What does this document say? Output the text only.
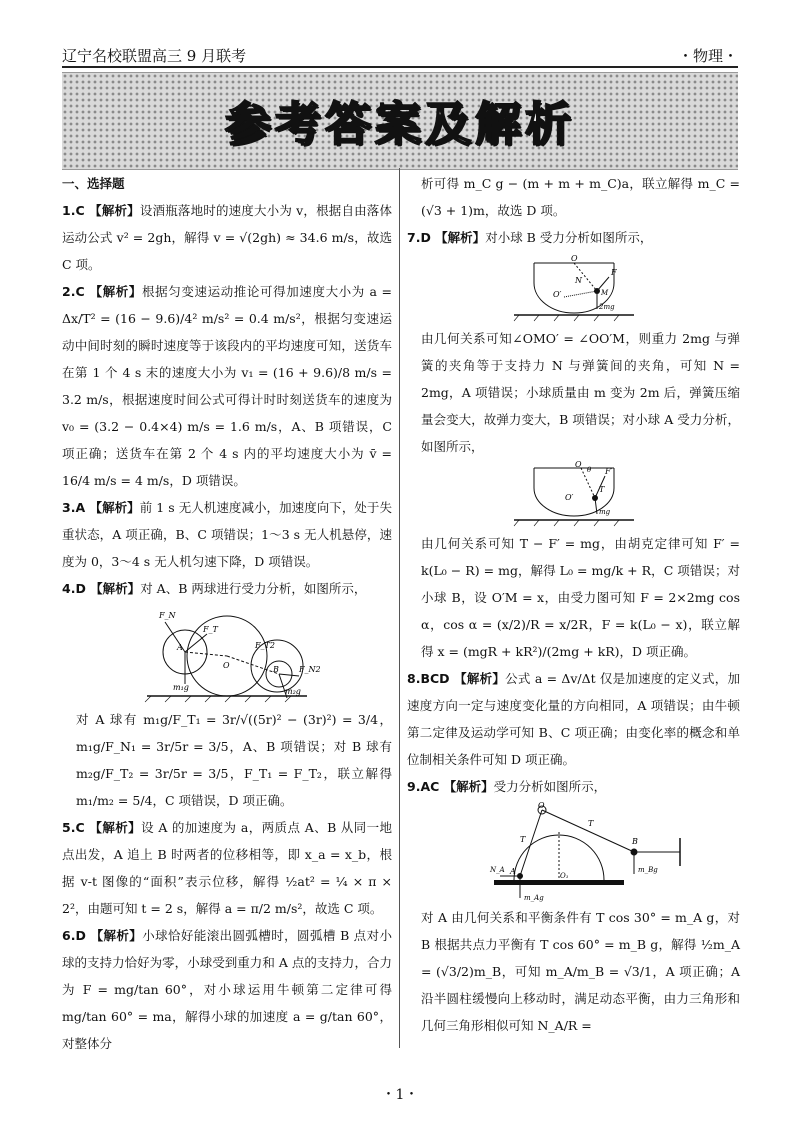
辽宁名校联盟高三 9 月联考	・物理・
参考答案及解析

一、选择题

1.C 【解析】设酒瓶落地时的速度大小为 v，根据自由落体运动公式 v² = 2gh，解得 v = √(2gh) ≈ 34.6 m/s，故选 C 项。

2.C 【解析】根据匀变速运动推论可得加速度大小为 a = Δx/T² = (16 − 9.6)/4² m/s² = 0.4 m/s²，根据匀变速运动中间时刻的瞬时速度等于该段内的平均速度可知，送货车在第 1 个 4 s 末的速度大小为 v₁ = (16 + 9.6)/8 m/s = 3.2 m/s，根据速度时间公式可得计时时刻送货车的速度为 v₀ = (3.2 − 0.4×4) m/s = 1.6 m/s，A、B 项错误，C 项正确；送货车在第 2 个 4 s 内的平均速度大小为 v̄ = 16/4 m/s = 4 m/s，D 项错误。

3.A 【解析】前 1 s 无人机速度减小，加速度向下，处于失重状态，A 项正确，B、C 项错误；1～3 s 无人机悬停，速度为 0，3～4 s 无人机匀速下降，D 项错误。

4.D 【解析】对 A、B 两球进行受力分析，如图所示，

F_N
F_T
A	F_T2
B
O
m₁g	m₂g
F_N2

对 A 球有 m₁g/F_T₁ = 3r/√((5r)² − (3r)²) = 3/4，m₁g/F_N₁ = 3r/5r = 3/5，A、B 项错误；对 B 球有 m₂g/F_T₂ = 3r/5r = 3/5，F_T₁ = F_T₂，联立解得 m₁/m₂ = 5/4，C 项错误，D 项正确。

5.C 【解析】设 A 的加速度为 a，两质点 A、B 从同一地点出发，A 追上 B 时两者的位移相等，即 x_a = x_b，根据 v-t 图像的“面积”表示位移，解得 ½at² = ¼ × π × 2²，由题可知 t = 2 s，解得 a = π/2 m/s²，故选 C 项。

6.D 【解析】小球恰好能滚出圆弧槽时，圆弧槽 B 点对小球的支持力恰好为零，小球受到重力和 A 点的支持力，合力为 F = mg/tan 60°，对小球运用牛顿第二定律可得 mg/tan 60° = ma，解得小球的加速度 a = g/tan 60°，对整体分

析可得 m_C g − (m + m + m_C)a，联立解得 m_C = (√3 + 1)m，故选 D 项。

7.D 【解析】对小球 B 受力分析如图所示，

O
N
O′	M
F
2mg

由几何关系可知∠OMO′ = ∠OO′M，则重力 2mg 与弹簧的夹角等于支持力 N 与弹簧间的夹角，可知 N = 2mg，A 项错误；小球质量由 m 变为 2m 后，弹簧压缩量会变大，故弹力变大，B 项错误；对小球 A 受力分析，如图所示，

O
θ
O′
F′
T
mg

由几何关系可知 T − F′ = mg，由胡克定律可知 F′ = k(L₀ − R) = mg，解得 L₀ = mg/k + R，C 项错误；对小球 B，设 O′M = x，由受力图可知 F = 2×2mg cos α，cos α = (x/2)/R = x/2R，F = k(L₀ − x)，联立解得 x = (mgR + kR²)/(2mg + kR)，D 项正确。

8.BCD 【解析】公式 a = Δv/Δt 仅是加速度的定义式，加速度方向一定与速度变化量的方向相同，A 项错误；由牛顿第二定律及运动学可知 B、C 项正确；由变化率的概念和单位制相关条件可知 D 项正确。

9.AC 【解析】受力分析如图所示，

O
T	B
T
m_Bg
N_A A	O₁
m_Ag

对 A 由几何关系和平衡条件有 T cos 30° = m_A g，对 B 根据共点力平衡有 T cos 60° = m_B g，解得 ½m_A = (√3/2)m_B，可知 m_A/m_B = √3/1，A 项正确；A 沿半圆柱缓慢向上移动时，满足动态平衡，由力三角形和几何三角形相似可知 N_A/R =

・1・
